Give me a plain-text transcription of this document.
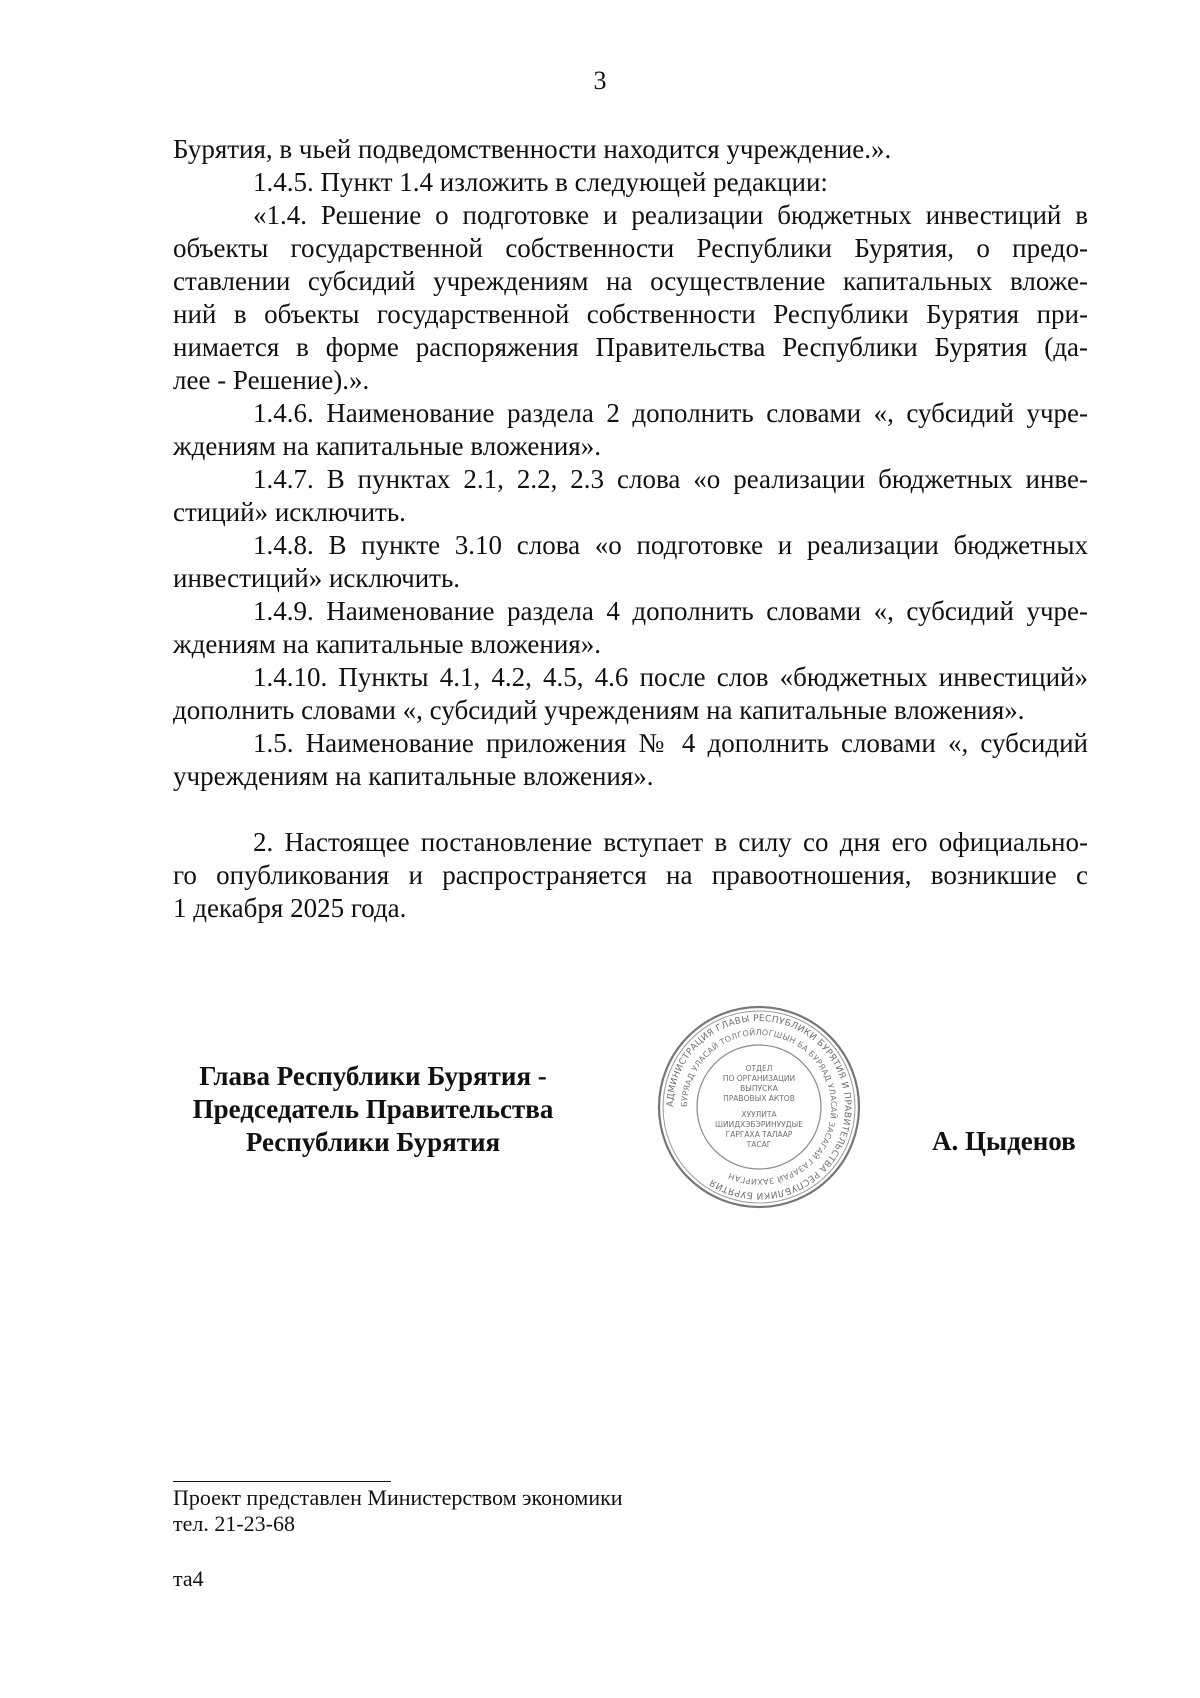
3
Бурятия, в чьей подведомственности находится учреждение.».
1.4.5. Пункт 1.4 изложить в следующей редакции:
«1.4. Решение о подготовке и реализации бюджетных инвестиций в
объекты государственной собственности Республики Бурятия, о предо-
ставлении субсидий учреждениям на осуществление капитальных вложе-
ний в объекты государственной собственности Республики Бурятия при-
нимается в форме распоряжения Правительства Республики Бурятия (да-
лее - Решение).».
1.4.6. Наименование раздела 2 дополнить словами «, субсидий учре-
ждениям на капитальные вложения».
1.4.7. В пунктах 2.1, 2.2, 2.3 слова «о реализации бюджетных инве-
стиций» исключить.
1.4.8. В пункте 3.10 слова «о подготовке и реализации бюджетных
инвестиций» исключить.
1.4.9. Наименование раздела 4 дополнить словами «, субсидий учре-
ждениям на капитальные вложения».
1.4.10. Пункты 4.1, 4.2, 4.5, 4.6 после слов «бюджетных инвестиций»
дополнить словами «, субсидий учреждениям на капитальные вложения».
1.5. Наименование приложения № 4 дополнить словами «, субсидий
учреждениям на капитальные вложения».
2. Настоящее постановление вступает в силу со дня его официально-
го опубликования и распространяется на правоотношения, возникшие с
1 декабря 2025 года.
Глава Республики Бурятия -
Председатель Правительства
Республики Бурятия
АДМИНИСТРАЦИЯ ГЛАВЫ РЕСПУБЛИКИ БУРЯТИЯ И ПРАВИТЕЛЬСТВА РЕСПУБЛИКИ БУРЯТИЯ
БУРЯАД УЛАСАЙ ТОЛГОЙЛОГШЫН БА БУРЯАД УЛАСАЙ ЗАСАГАЙ ГАЗАРАЙ ЗАХИРГАН
ОТДЕЛ
ПО ОРГАНИЗАЦИИ
ВЫПУСКА
ПРАВОВЫХ АКТОВ
ХУУЛИТА
ШИИДХЭБЭРИНУУДЫЕ
ГАРГАХА ТАЛААР
ТАСАГ	А. Цыденов
Проект представлен Министерством экономики
тел. 21-23-68
та4
